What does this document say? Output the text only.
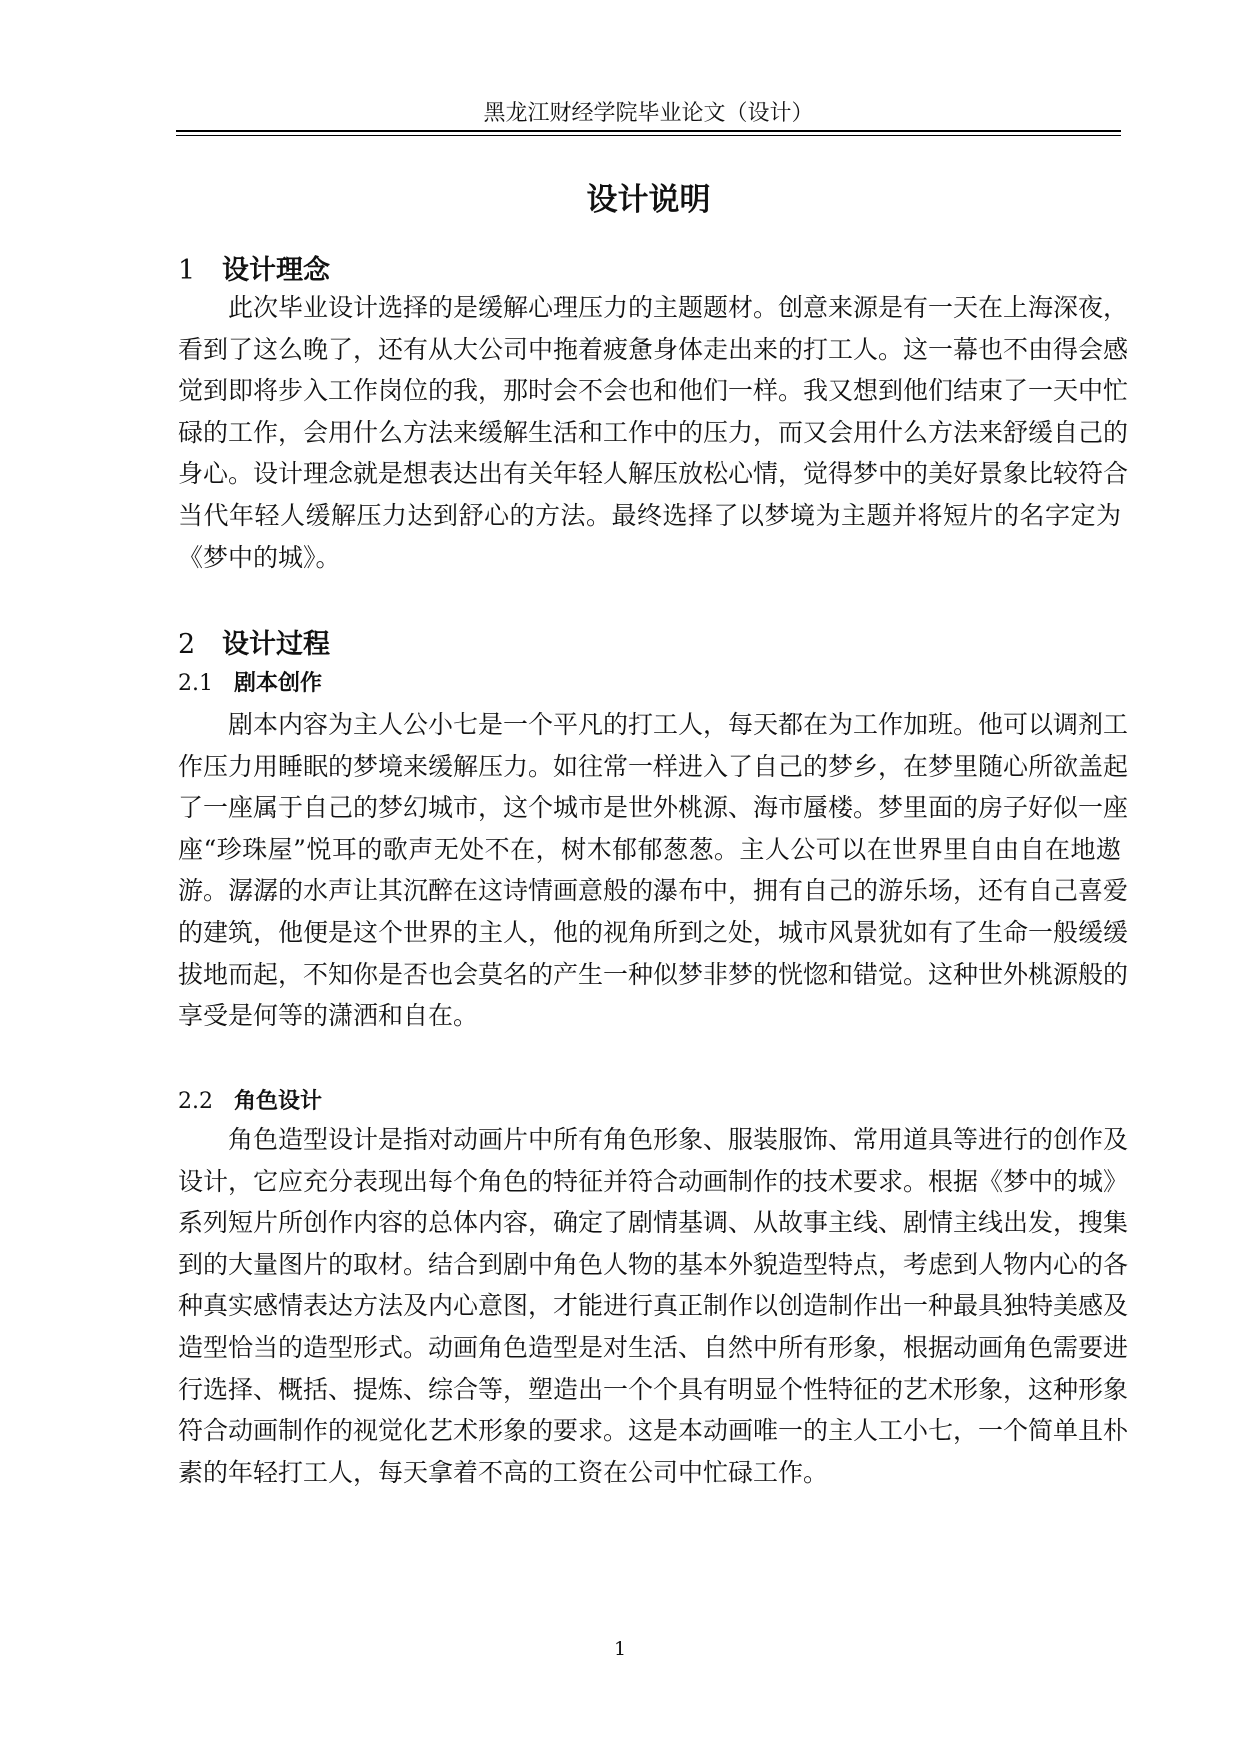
黑龙江财经学院毕业论文（设计）
设计说明
1 设计理念
此次毕业设计选择的是缓解心理压力的主题题材。创意来源是有一天在上海深夜，
看到了这么晚了，还有从大公司中拖着疲惫身体走出来的打工人。这一幕也不由得会感
觉到即将步入工作岗位的我，那时会不会也和他们一样。我又想到他们结束了一天中忙
碌的工作，会用什么方法来缓解生活和工作中的压力，而又会用什么方法来舒缓自己的
身心。设计理念就是想表达出有关年轻人解压放松心情，觉得梦中的美好景象比较符合
当代年轻人缓解压力达到舒心的方法。最终选择了以梦境为主题并将短片的名字定为
《梦中的城》。
2 设计过程
2.1 剧本创作
剧本内容为主人公小七是一个平凡的打工人，每天都在为工作加班。他可以调剂工
作压力用睡眠的梦境来缓解压力。如往常一样进入了自己的梦乡，在梦里随心所欲盖起
了一座属于自己的梦幻城市，这个城市是世外桃源、海市蜃楼。梦里面的房子好似一座
座“珍珠屋”悦耳的歌声无处不在，树木郁郁葱葱。主人公可以在世界里自由自在地遨
游。潺潺的水声让其沉醉在这诗情画意般的瀑布中，拥有自己的游乐场，还有自己喜爱
的建筑，他便是这个世界的主人，他的视角所到之处，城市风景犹如有了生命一般缓缓
拔地而起，不知你是否也会莫名的产生一种似梦非梦的恍惚和错觉。这种世外桃源般的
享受是何等的潇洒和自在。
2.2 角色设计
角色造型设计是指对动画片中所有角色形象、服装服饰、常用道具等进行的创作及
设计，它应充分表现出每个角色的特征并符合动画制作的技术要求。根据《梦中的城》
系列短片所创作内容的总体内容，确定了剧情基调、从故事主线、剧情主线出发，搜集
到的大量图片的取材。结合到剧中角色人物的基本外貌造型特点，考虑到人物内心的各
种真实感情表达方法及内心意图，才能进行真正制作以创造制作出一种最具独特美感及
造型恰当的造型形式。动画角色造型是对生活、自然中所有形象，根据动画角色需要进
行选择、概括、提炼、综合等，塑造出一个个具有明显个性特征的艺术形象，这种形象
符合动画制作的视觉化艺术形象的要求。这是本动画唯一的主人工小七，一个简单且朴
素的年轻打工人，每天拿着不高的工资在公司中忙碌工作。
1
